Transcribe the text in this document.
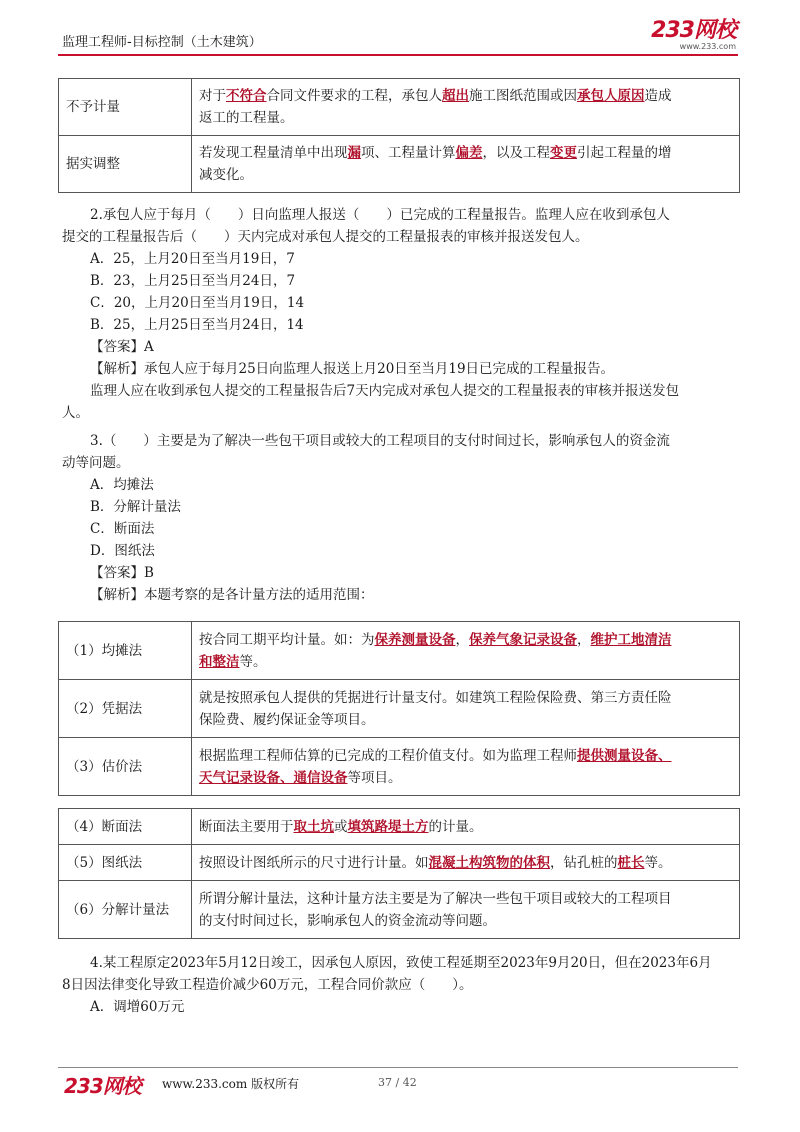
监理工程师-目标控制（土木建筑）	233网校
www.233.com
不予计量	对于不符合合同文件要求的工程，承包人超出施工图纸范围或因承包人原因造成
返工的工程量。
据实调整	若发现工程量清单中出现漏项、工程量计算偏差，以及工程变更引起工程量的增
减变化。
2.承包人应于每月（　　）日向监理人报送（　　）已完成的工程量报告。监理人应在收到承包人
提交的工程量报告后（　　）天内完成对承包人提交的工程量报表的审核并报送发包人。
A．25，上月20日至当月19日，7
B．23，上月25日至当月24日，7
C．20，上月20日至当月19日，14
B．25，上月25日至当月24日，14
【答案】A
【解析】承包人应于每月25日向监理人报送上月20日至当月19日已完成的工程量报告。
监理人应在收到承包人提交的工程量报告后7天内完成对承包人提交的工程量报表的审核并报送发包
人。
3.（　　）主要是为了解决一些包干项目或较大的工程项目的支付时间过长，影响承包人的资金流
动等问题。
A．均摊法
B．分解计量法
C．断面法
D．图纸法
【答案】B
【解析】本题考察的是各计量方法的适用范围：
（1）均摊法	按合同工期平均计量。如：为保养测量设备，保养气象记录设备，维护工地清洁
和整洁等。
（2）凭据法	就是按照承包人提供的凭据进行计量支付。如建筑工程险保险费、第三方责任险
保险费、履约保证金等项目。
（3）估价法	根据监理工程师估算的已完成的工程价值支付。如为监理工程师提供测量设备、
天气记录设备、通信设备等项目。
（4）断面法	断面法主要用于取土坑或填筑路堤土方的计量。
（5）图纸法	按照设计图纸所示的尺寸进行计量。如混凝土构筑物的体积，钻孔桩的桩长等。
（6）分解计量法	所谓分解计量法，这种计量方法主要是为了解决一些包干项目或较大的工程项目
的支付时间过长，影响承包人的资金流动等问题。
4.某工程原定2023年5月12日竣工，因承包人原因，致使工程延期至2023年9月20日，但在2023年6月
8日因法律变化导致工程造价减少60万元，工程合同价款应（　　）。
A．调增60万元
233网校 www.233.com 版权所有	37 / 42
